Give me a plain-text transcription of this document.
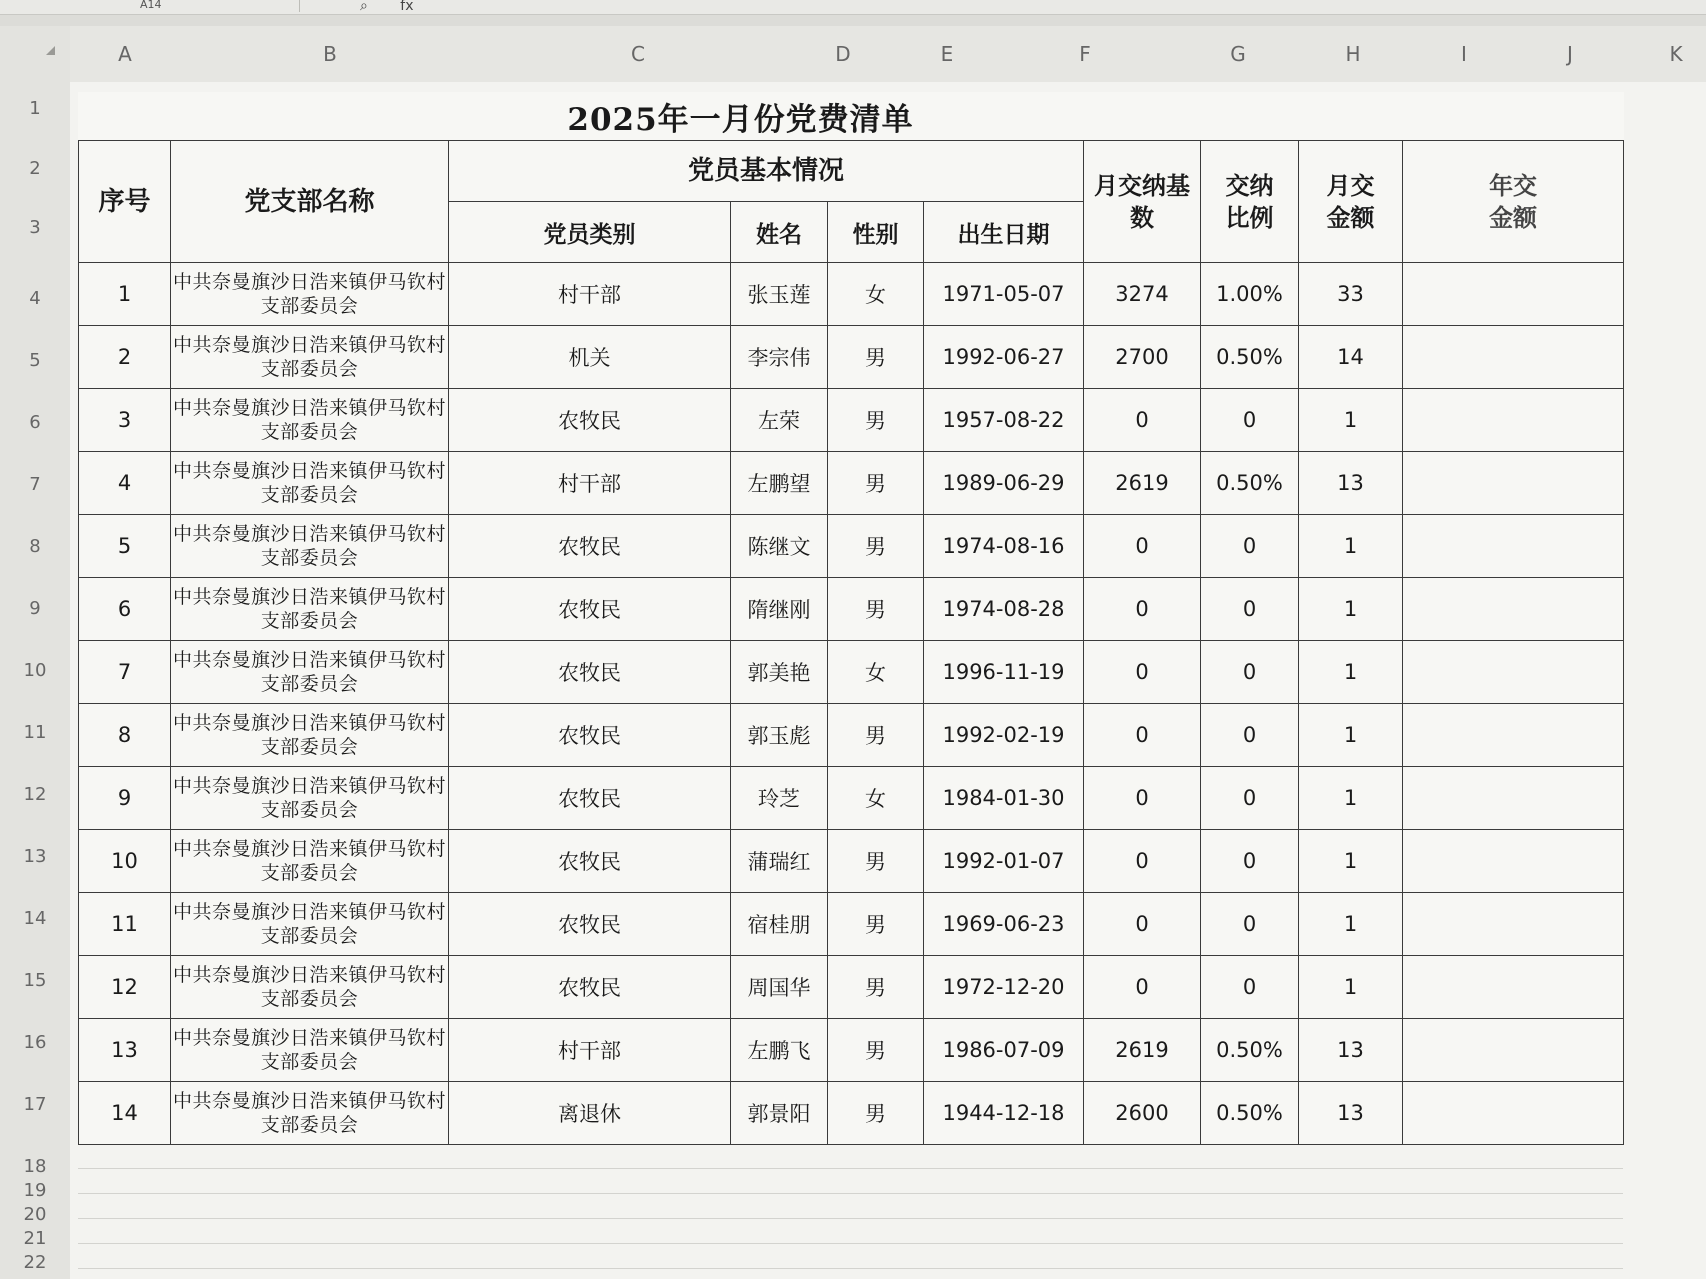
A14	⌕ fx
A	B	C	D	E	F	G	H	I	J	K
1
2
3
4
5
6
7
8
9
10
11
12
13
14
15
16
17
18
19
20
21
22
2025年一月份党费清单									
序号	党支部名称	党员基本情况				月交纳基数	交纳比例	月交金额	年交金额
		党员类别	姓名	性别	出生日期				
1	中共奈曼旗沙日浩来镇伊马钦村支部委员会	村干部	张玉莲	女	1971-05-07	3274	1.00%	33	
2	中共奈曼旗沙日浩来镇伊马钦村支部委员会	机关	李宗伟	男	1992-06-27	2700	0.50%	14	
3	中共奈曼旗沙日浩来镇伊马钦村支部委员会	农牧民	左荣	男	1957-08-22	0	0	1	
4	中共奈曼旗沙日浩来镇伊马钦村支部委员会	村干部	左鹏望	男	1989-06-29	2619	0.50%	13	
5	中共奈曼旗沙日浩来镇伊马钦村支部委员会	农牧民	陈继文	男	1974-08-16	0	0	1	
6	中共奈曼旗沙日浩来镇伊马钦村支部委员会	农牧民	隋继刚	男	1974-08-28	0	0	1	
7	中共奈曼旗沙日浩来镇伊马钦村支部委员会	农牧民	郭美艳	女	1996-11-19	0	0	1	
8	中共奈曼旗沙日浩来镇伊马钦村支部委员会	农牧民	郭玉彪	男	1992-02-19	0	0	1	
9	中共奈曼旗沙日浩来镇伊马钦村支部委员会	农牧民	玲芝	女	1984-01-30	0	0	1	
10	中共奈曼旗沙日浩来镇伊马钦村支部委员会	农牧民	蒲瑞红	男	1992-01-07	0	0	1	
11	中共奈曼旗沙日浩来镇伊马钦村支部委员会	农牧民	宿桂朋	男	1969-06-23	0	0	1	
12	中共奈曼旗沙日浩来镇伊马钦村支部委员会	农牧民	周国华	男	1972-12-20	0	0	1	
13	中共奈曼旗沙日浩来镇伊马钦村支部委员会	村干部	左鹏飞	男	1986-07-09	2619	0.50%	13	
14	中共奈曼旗沙日浩来镇伊马钦村支部委员会	离退休	郭景阳	男	1944-12-18	2600	0.50%	13	
